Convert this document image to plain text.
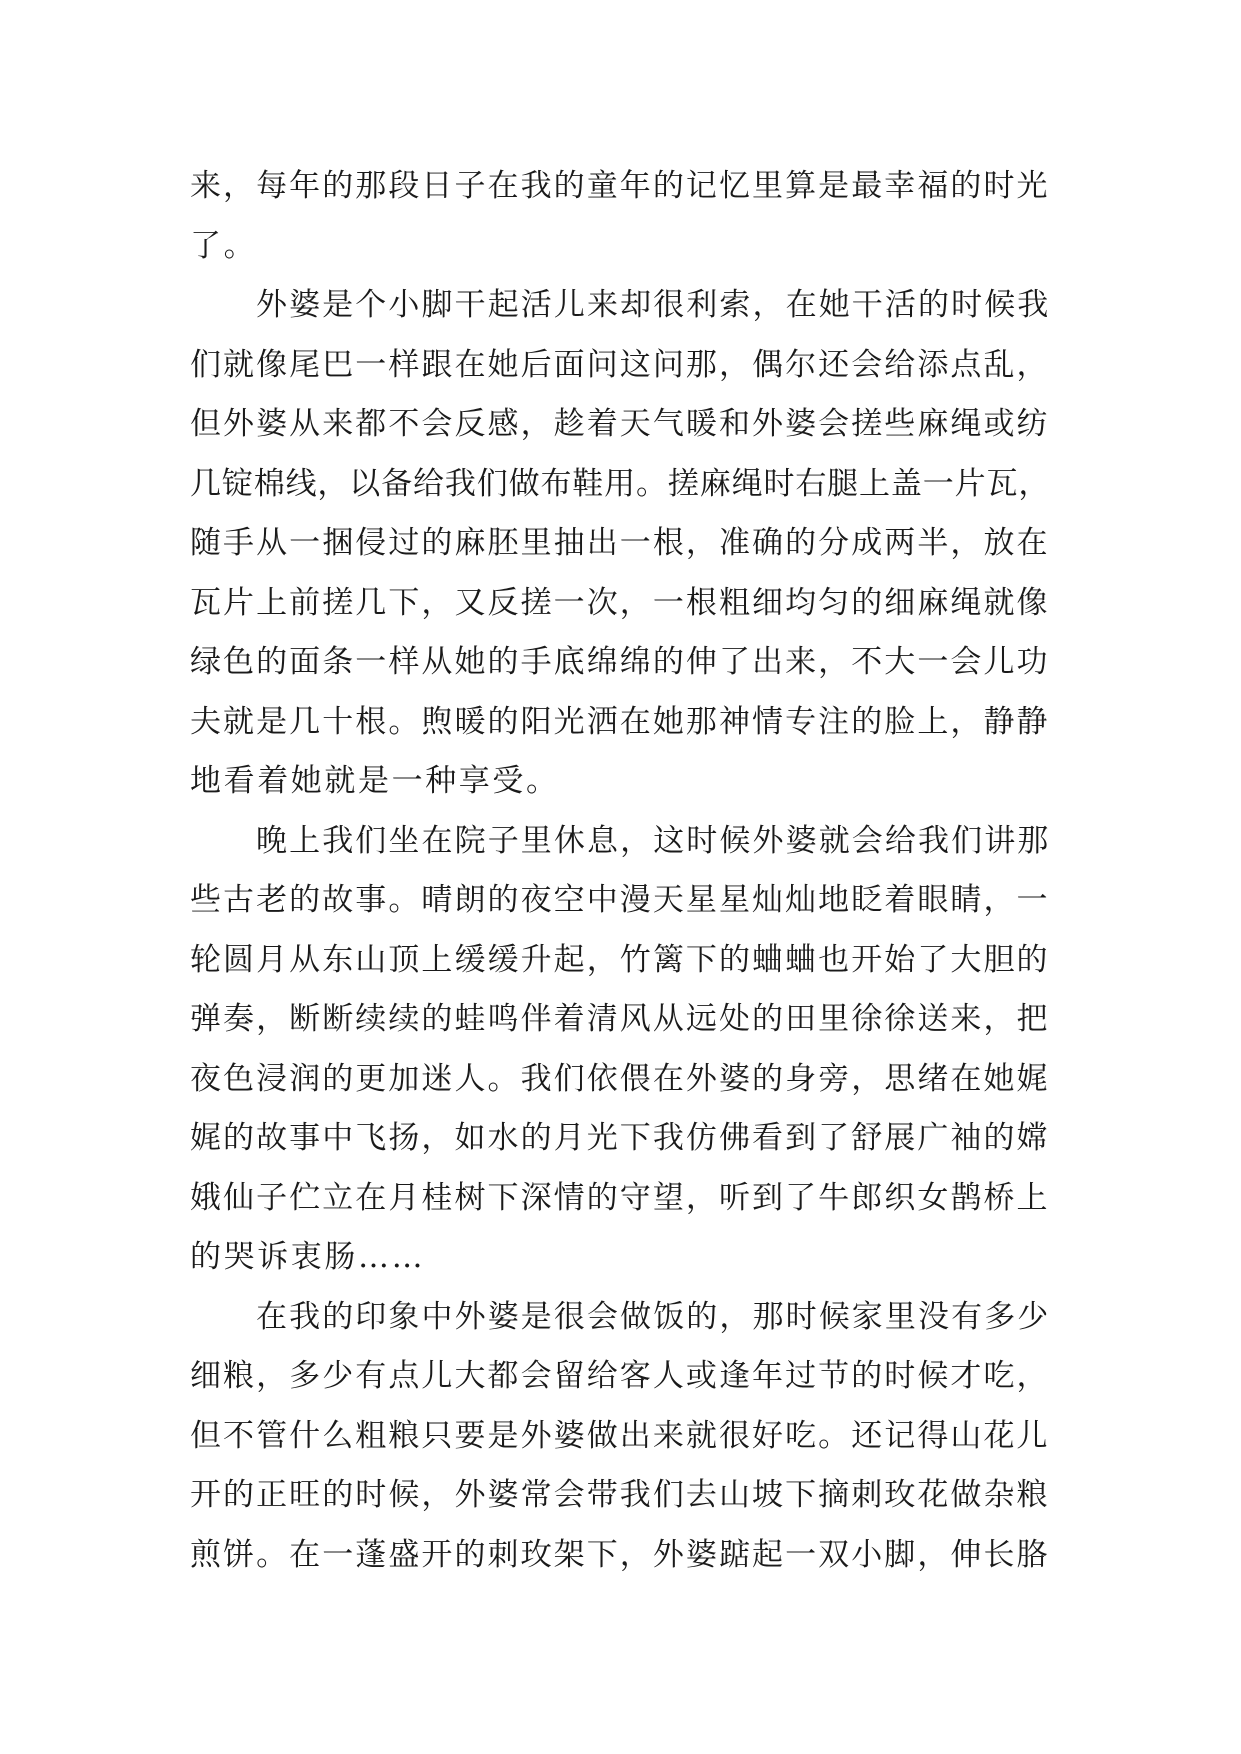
来，每年的那段日子在我的童年的记忆里算是最幸福的时光
了。
外婆是个小脚干起活儿来却很利索，在她干活的时候我
们就像尾巴一样跟在她后面问这问那，偶尔还会给添点乱，
但外婆从来都不会反感，趁着天气暖和外婆会搓些麻绳或纺
几锭棉线，以备给我们做布鞋用。搓麻绳时右腿上盖一片瓦，
随手从一捆侵过的麻胚里抽出一根，准确的分成两半，放在
瓦片上前搓几下，又反搓一次，一根粗细均匀的细麻绳就像
绿色的面条一样从她的手底绵绵的伸了出来，不大一会儿功
夫就是几十根。煦暖的阳光洒在她那神情专注的脸上，静静
地看着她就是一种享受。
晚上我们坐在院子里休息，这时候外婆就会给我们讲那
些古老的故事。晴朗的夜空中漫天星星灿灿地眨着眼睛，一
轮圆月从东山顶上缓缓升起，竹篱下的蛐蛐也开始了大胆的
弹奏，断断续续的蛙鸣伴着清风从远处的田里徐徐送来，把
夜色浸润的更加迷人。我们依偎在外婆的身旁，思绪在她娓
娓的故事中飞扬，如水的月光下我仿佛看到了舒展广袖的嫦
娥仙子伫立在月桂树下深情的守望，听到了牛郎织女鹊桥上
的哭诉衷肠……
在我的印象中外婆是很会做饭的，那时候家里没有多少
细粮，多少有点儿大都会留给客人或逢年过节的时候才吃，
但不管什么粗粮只要是外婆做出来就很好吃。还记得山花儿
开的正旺的时候，外婆常会带我们去山坡下摘刺玫花做杂粮
煎饼。在一蓬盛开的刺玫架下，外婆踮起一双小脚，伸长胳
